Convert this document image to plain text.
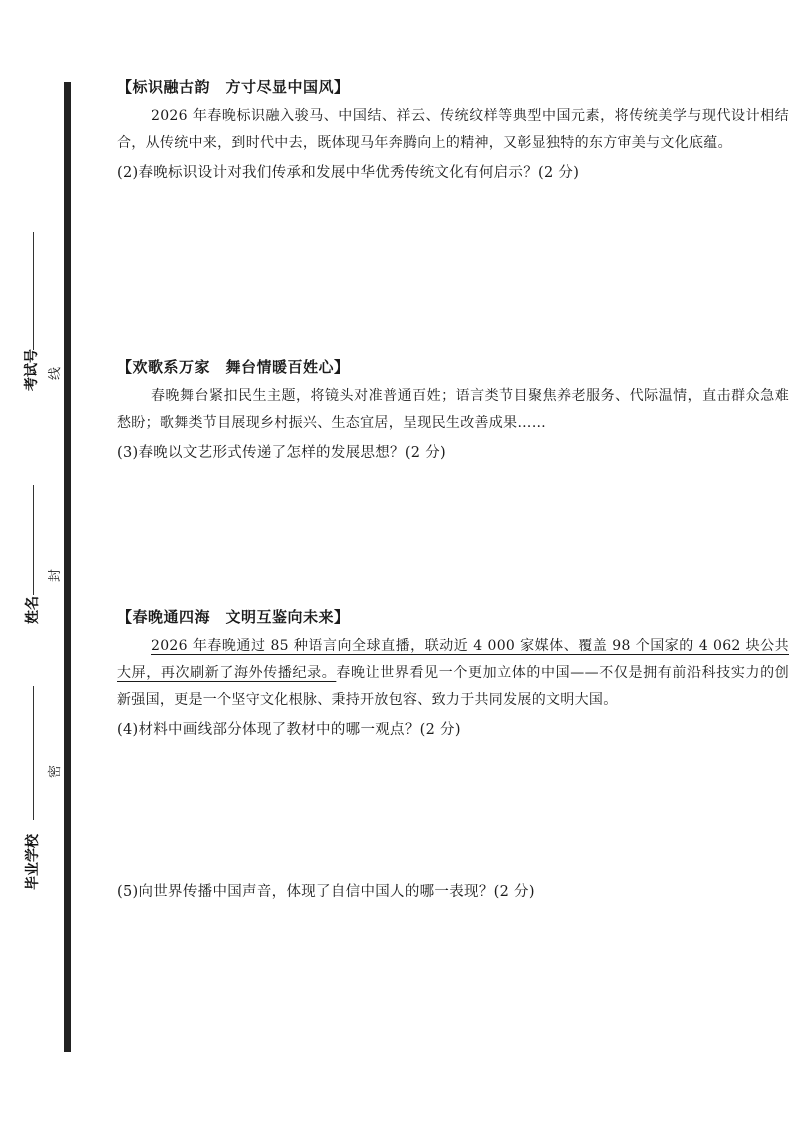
考试号
姓名
毕业学校
线
封
密

【标识融古韵　方寸尽显中国风】

2026 年春晚标识融入骏马、中国结、祥云、传统纹样等典型中国元素，将传统美学与现代设计相结合，从传统中来，到时代中去，既体现马年奔腾向上的精神，又彰显独特的东方审美与文化底蕴。

(2)春晚标识设计对我们传承和发展中华优秀传统文化有何启示？(2 分)

【欢歌系万家　舞台情暖百姓心】

春晚舞台紧扣民生主题，将镜头对准普通百姓；语言类节目聚焦养老服务、代际温情，直击群众急难愁盼；歌舞类节目展现乡村振兴、生态宜居，呈现民生改善成果……

(3)春晚以文艺形式传递了怎样的发展思想？(2 分)

【春晚通四海　文明互鉴向未来】

2026 年春晚通过 85 种语言向全球直播，联动近 4 000 家媒体、覆盖 98 个国家的 4 062 块公共大屏，再次刷新了海外传播纪录。春晚让世界看见一个更加立体的中国——不仅是拥有前沿科技实力的创新强国，更是一个坚守文化根脉、秉持开放包容、致力于共同发展的文明大国。

(4)材料中画线部分体现了教材中的哪一观点？(2 分)

(5)向世界传播中国声音，体现了自信中国人的哪一表现？(2 分)
